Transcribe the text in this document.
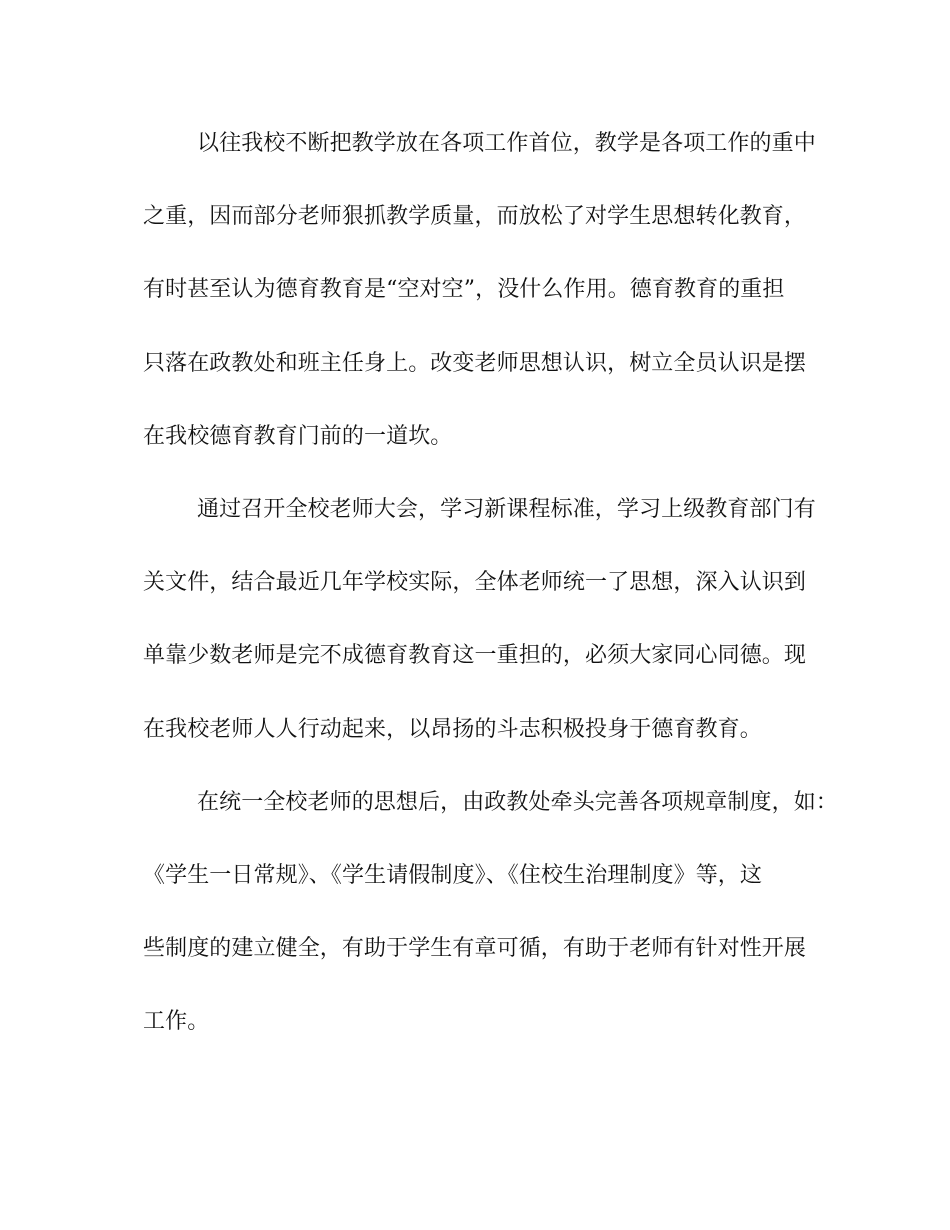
以往我校不断把教学放在各项工作首位，教学是各项工作的重中
之重，因而部分老师狠抓教学质量，而放松了对学生思想转化教育，
有时甚至认为德育教育是“空对空”，没什么作用。德育教育的重担
只落在政教处和班主任身上。改变老师思想认识，树立全员认识是摆
在我校德育教育门前的一道坎。
通过召开全校老师大会，学习新课程标准，学习上级教育部门有
关文件，结合最近几年学校实际，全体老师统一了思想，深入认识到
单靠少数老师是完不成德育教育这一重担的，必须大家同心同德。现
在我校老师人人行动起来，以昂扬的斗志积极投身于德育教育。
在统一全校老师的思想后，由政教处牵头完善各项规章制度，如：
《学生一日常规》、《学生请假制度》、《住校生治理制度》等，这
些制度的建立健全，有助于学生有章可循，有助于老师有针对性开展
工作。
